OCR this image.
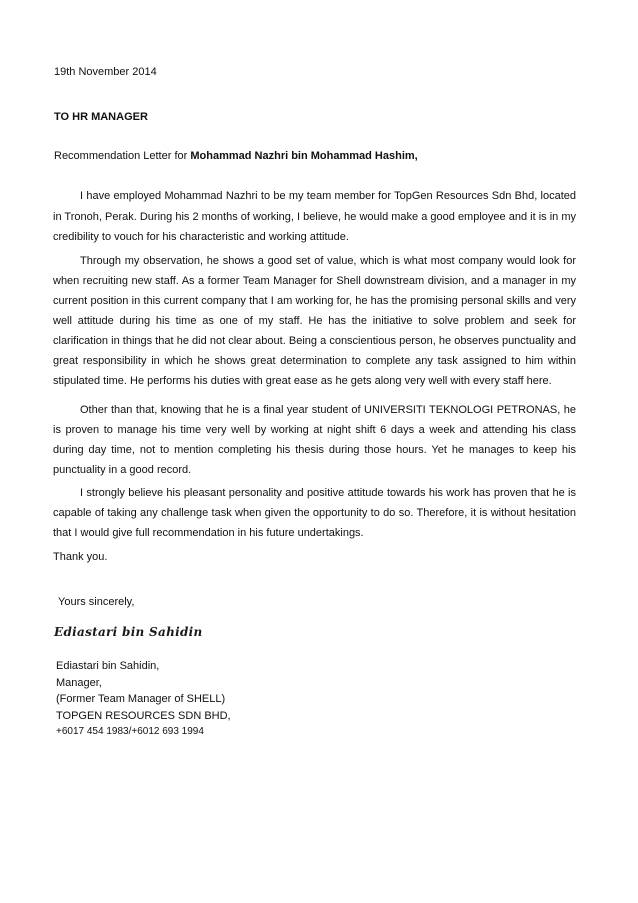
19th November 2014
TO HR MANAGER
Recommendation Letter for Mohammad Nazhri bin Mohammad Hashim,

I have employed Mohammad Nazhri to be my team member for TopGen Resources Sdn Bhd, located in Tronoh, Perak. During his 2 months of working, I believe, he would make a good employee and it is in my credibility to vouch for his characteristic and working attitude.

Through my observation, he shows a good set of value, which is what most company would look for when recruiting new staff. As a former Team Manager for Shell downstream division, and a manager in my current position in this current company that I am working for, he has the promising personal skills and very well attitude during his time as one of my staff. He has the initiative to solve problem and seek for clarification in things that he did not clear about. Being a conscientious person, he observes punctuality and great responsibility in which he shows great determination to complete any task assigned to him within stipulated time. He performs his duties with great ease as he gets along very well with every staff here.

Other than that, knowing that he is a final year student of UNIVERSITI TEKNOLOGI PETRONAS, he is proven to manage his time very well by working at night shift 6 days a week and attending his class during day time, not to mention completing his thesis during those hours. Yet he manages to keep his punctuality in a good record.

I strongly believe his pleasant personality and positive attitude towards his work has proven that he is capable of taking any challenge task when given the opportunity to do so. Therefore, it is without hesitation that I would give full recommendation in his future undertakings.

Thank you.
Yours sincerely,
Ediastari bin Sahidin
Ediastari bin Sahidin,
Manager,
(Former Team Manager of SHELL)
TOPGEN RESOURCES SDN BHD,
+6017 454 1983/+6012 693 1994
